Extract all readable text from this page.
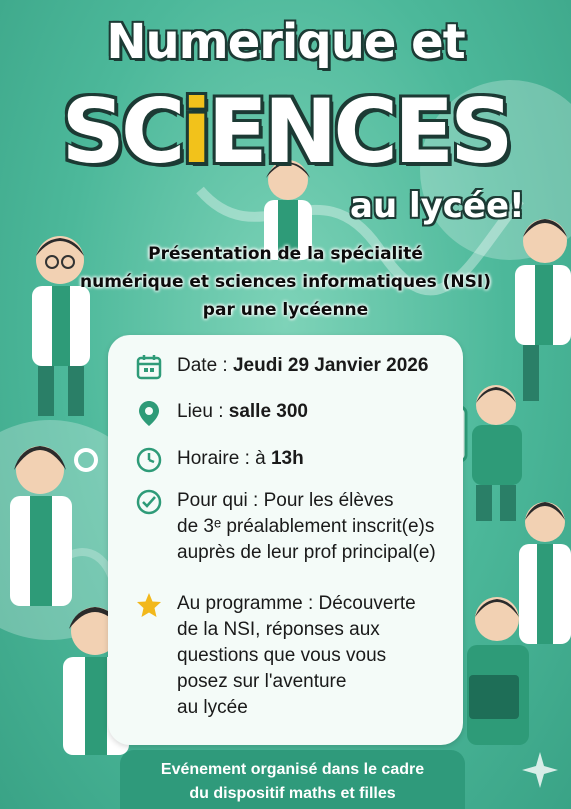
Numerique et
SCiENCES
au lycée!
Présentation de la spécialité
numérique et sciences informatiques (NSI)
par une lycéenne
Date : Jeudi 29 Janvier 2026
Lieu : salle 300
Horaire : à 13h
Pour qui : Pour les élèves
de 3ᵉ préalablement inscrit(e)s
auprès de leur prof principal(e)
Au programme : Découverte
de la NSI, réponses aux
questions que vous vous
posez sur l'aventure
au lycée
Evénement organisé dans le cadre
du dispositif maths et filles
